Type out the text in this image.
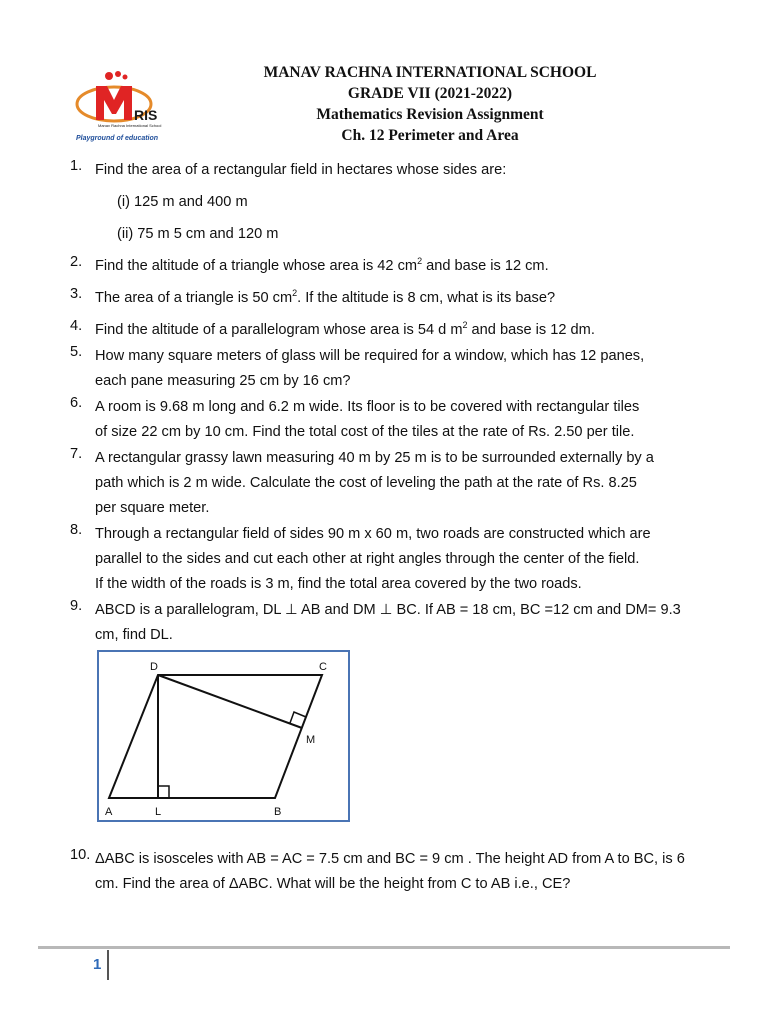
RIS
Manav Rachna International School
Playground of education
MANAV RACHNA INTERNATIONAL SCHOOL
GRADE VII (2021-2022)
Mathematics Revision Assignment
Ch. 12 Perimeter and Area
1. Find the area of a rectangular field in hectares whose sides are:
(i) 125 m and 400 m
(ii) 75 m 5 cm and 120 m
2. Find the altitude of a triangle whose area is 42 $cm^2$ and base is 12 cm.
3. The area of a triangle is 50 $cm^2$. If the altitude is 8 cm, what is its base?
4. Find the altitude of a parallelogram whose area is 54 d $m^2$ and base is 12 dm.
5. How many square meters of glass will be required for a window, which has 12 panes,
each pane measuring 25 cm by 16 cm?
6. A room is 9.68 m long and 6.2 m wide. Its floor is to be covered with rectangular tiles
of size 22 cm by 10 cm. Find the total cost of the tiles at the rate of Rs. 2.50 per tile.
7. A rectangular grassy lawn measuring 40 m by 25 m is to be surrounded externally by a
path which is 2 m wide. Calculate the cost of leveling the path at the rate of Rs. 8.25
per square meter.
8. Through a rectangular field of sides 90 m x 60 m, two roads are constructed which are
parallel to the sides and cut each other at right angles through the center of the field.
If the width of the roads is 3 m, find the total area covered by the two roads.
9. ABCD is a parallelogram, DL ⊥ AB and DM ⊥ BC. If AB = 18 cm, BC =12 cm and DM= 9.3
cm, find DL.
D	C
M
A	L	B
10. ΔABC is isosceles with AB = AC = 7.5 cm and BC = 9 cm . The height AD from A to BC, is 6
cm. Find the area of ΔABC. What will be the height from C to AB i.e., CE?
1
